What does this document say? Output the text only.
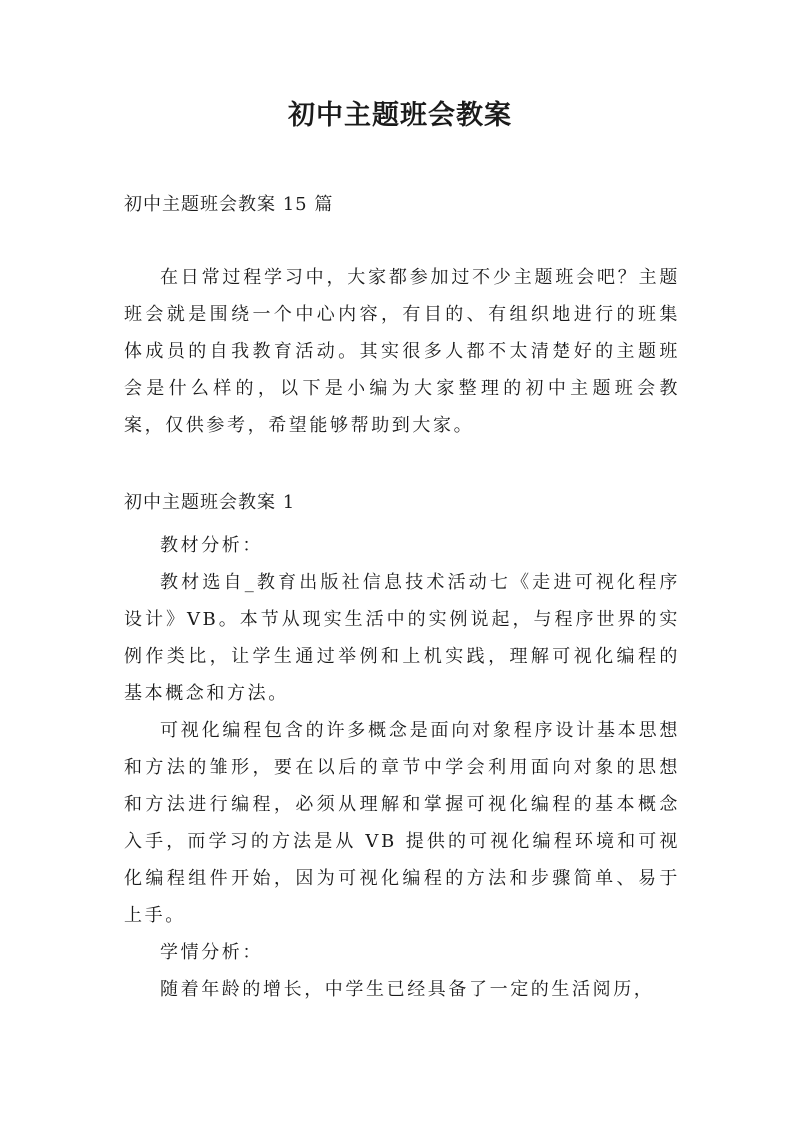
初中主题班会教案
初中主题班会教案 15 篇

在日常过程学习中，大家都参加过不少主题班会吧？主题班会就是围绕一个中心内容，有目的、有组织地进行的班集体成员的自我教育活动。其实很多人都不太清楚好的主题班会是什么样的，以下是小编为大家整理的初中主题班会教案，仅供参考，希望能够帮助到大家。

初中主题班会教案 1

教材分析：

教材选自_教育出版社信息技术活动七《走进可视化程序设计》VB。本节从现实生活中的实例说起，与程序世界的实例作类比，让学生通过举例和上机实践，理解可视化编程的基本概念和方法。

可视化编程包含的许多概念是面向对象程序设计基本思想和方法的雏形，要在以后的章节中学会利用面向对象的思想和方法进行编程，必须从理解和掌握可视化编程的基本概念入手，而学习的方法是从 VB 提供的可视化编程环境和可视化编程组件开始，因为可视化编程的方法和步骤简单、易于上手。

学情分析：

随着年龄的增长，中学生已经具备了一定的生活阅历，
